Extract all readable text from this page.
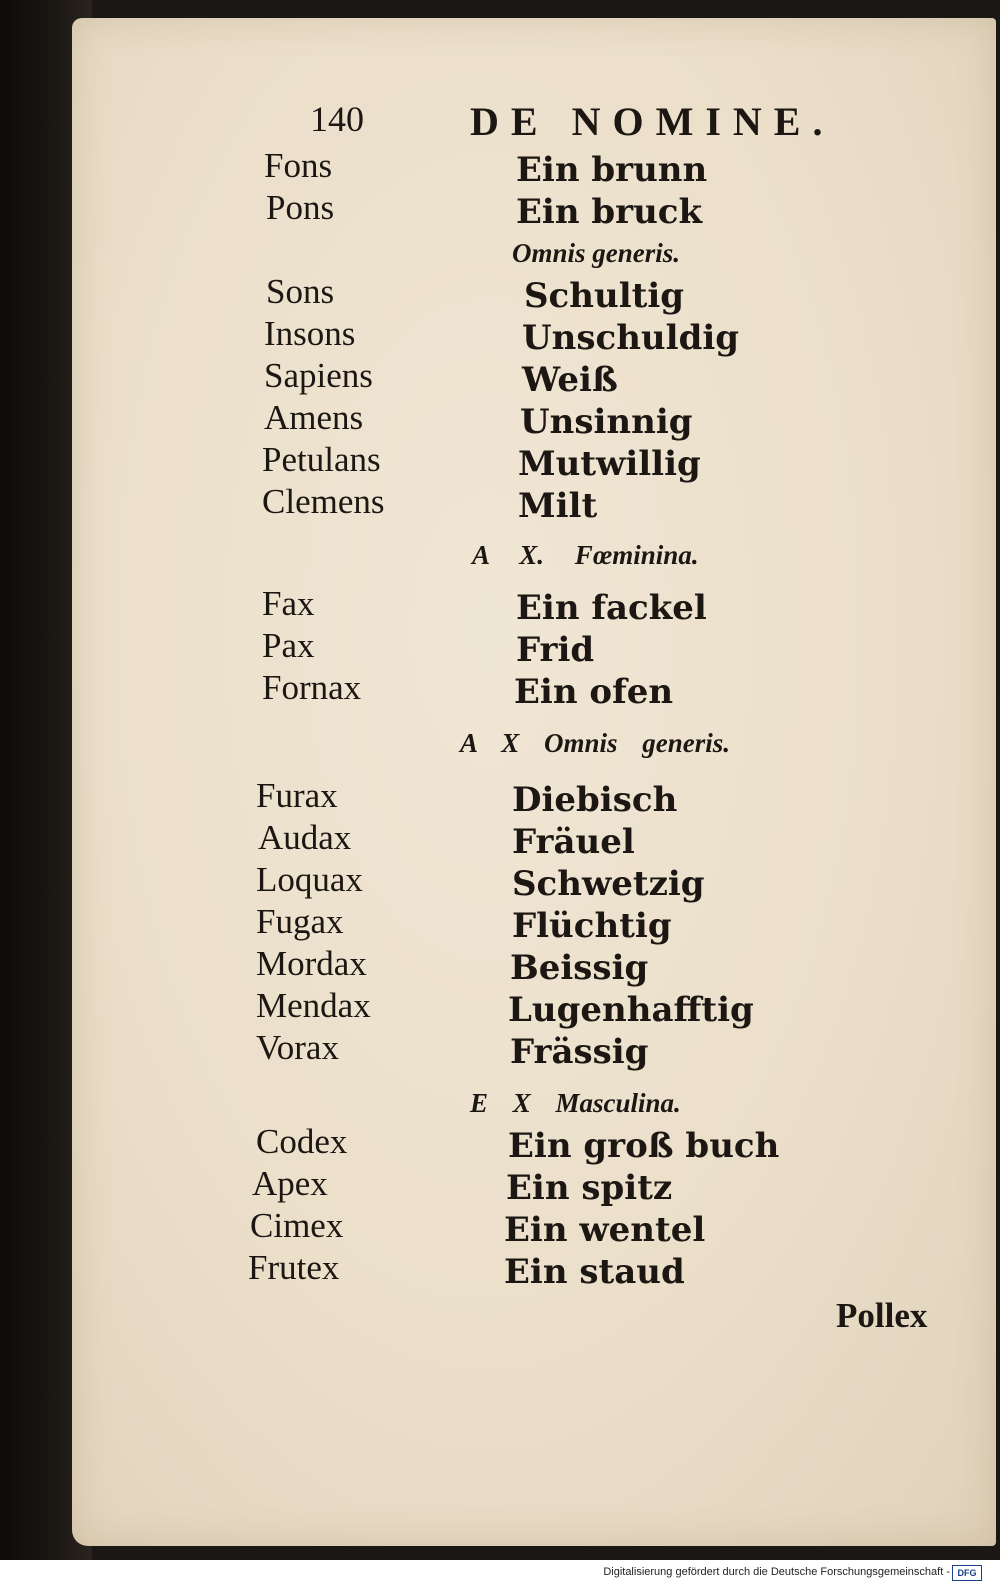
140	DE NOMINE.
Fons	Ein brunn
Pons	Ein bruck
Omnis generis.
Sons	Schultig
Insons	Unschuldig
Sapiens	Weiß
Amens	Unsinnig
Petulans	Mutwillig
Clemens	Milt
A X. Fœminina.
Fax	Ein fackel
Pax	Frid
Fornax	Ein ofen
A X Omnis generis.
Furax	Diebisch
Audax	Fräuel
Loquax	Schwetzig
Fugax	Flüchtig
Mordax	Beissig
Mendax	Lugenhafftig
Vorax	Frässig
E X Masculina.
Codex	Ein groß buch
Apex	Ein spitz
Cimex	Ein wentel
Frutex	Ein staud
Pollex
Digitalisierung gefördert durch die Deutsche Forschungsgemeinschaft - DFG
